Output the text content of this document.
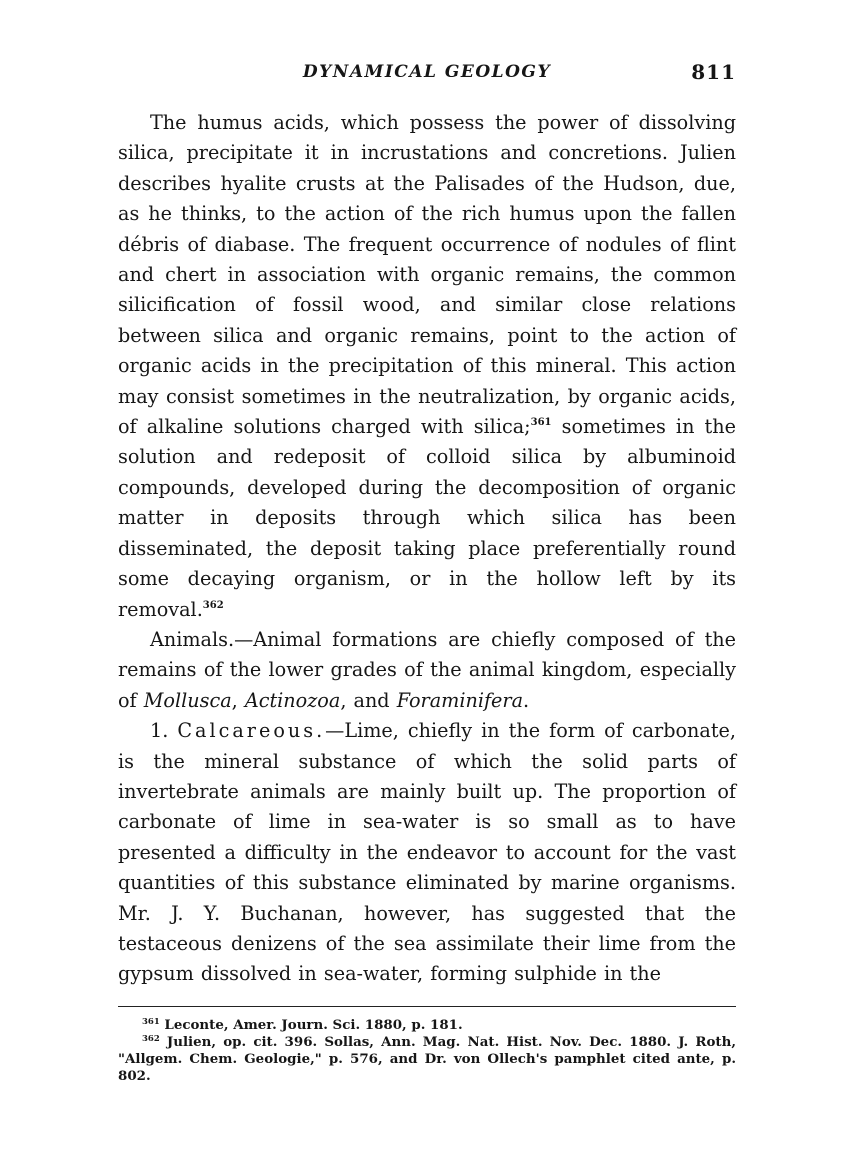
DYNAMICAL GEOLOGY	811

The humus acids, which possess the power of dissolving silica, precipitate it in incrustations and concretions. Julien describes hyalite crusts at the Palisades of the Hudson, due, as he thinks, to the action of the rich humus upon the fallen débris of diabase. The frequent occurrence of nodules of flint and chert in association with organic remains, the common silicification of fossil wood, and similar close relations between silica and organic remains, point to the action of organic acids in the precipitation of this mineral. This action may consist sometimes in the neutralization, by organic acids, of alkaline solutions charged with silica;$^{361}$ sometimes in the solution and redeposit of colloid silica by albuminoid compounds, developed during the decomposition of organic matter in deposits through which silica has been disseminated, the deposit taking place preferentially round some decaying organism, or in the hollow left by its removal.$^{362}$

Animals.—Animal formations are chiefly composed of the remains of the lower grades of the animal kingdom, especially of Mollusca, Actinozoa, and Foraminifera.

1. Calcareous.—Lime, chiefly in the form of carbonate, is the mineral substance of which the solid parts of invertebrate animals are mainly built up. The proportion of carbonate of lime in sea-water is so small as to have presented a difficulty in the endeavor to account for the vast quantities of this substance eliminated by marine organisms. Mr. J. Y. Buchanan, however, has suggested that the testaceous denizens of the sea assimilate their lime from the gypsum dissolved in sea-water, forming sulphide in the

$^{361}$ Leconte, Amer. Journ. Sci. 1880, p. 181.

$^{362}$ Julien, op. cit. 396. Sollas, Ann. Mag. Nat. Hist. Nov. Dec. 1880. J. Roth, "Allgem. Chem. Geologie," p. 576, and Dr. von Ollech's pamphlet cited ante, p. 802.
